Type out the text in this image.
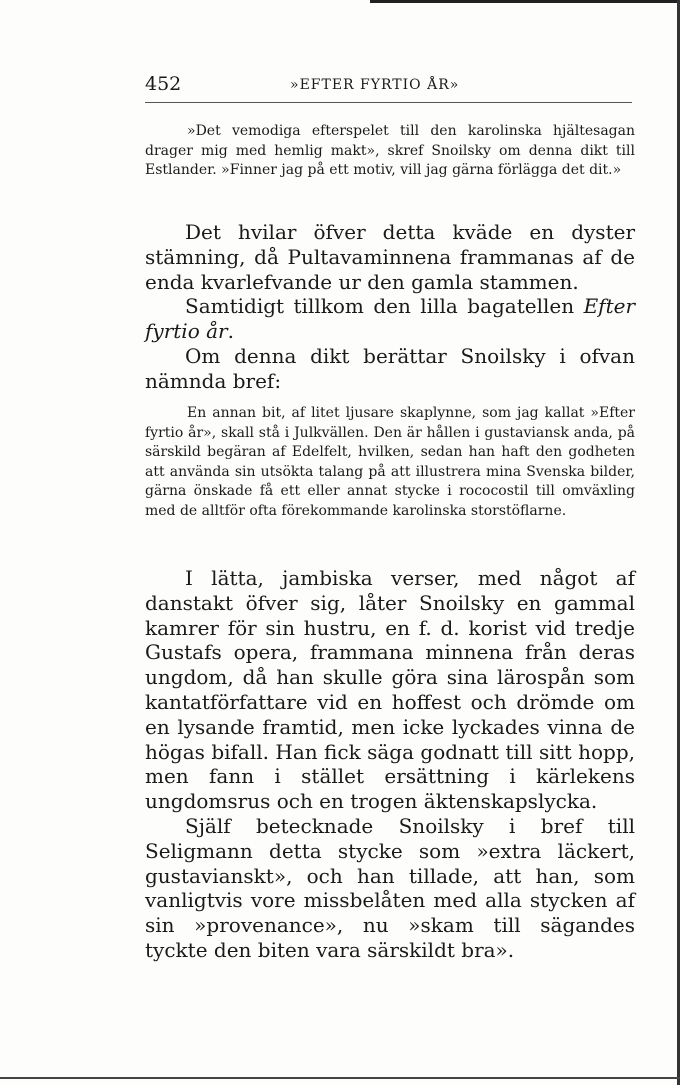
452	»EFTER FYRTIO ÅR»
»Det vemodiga efterspelet till den karolinska hjältesagan drager mig med hemlig makt», skref Snoilsky om denna dikt till Estlander. »Finner jag på ett motiv, vill jag gärna förlägga det dit.»

Det hvilar öfver detta kväde en dyster stämning, då Pultavaminnena frammanas af de enda kvarlefvande ur den gamla stammen.

Samtidigt tillkom den lilla bagatellen Efter fyrtio år.

Om denna dikt berättar Snoilsky i ofvan nämnda bref:

En annan bit, af litet ljusare skaplynne, som jag kallat »Efter fyrtio år», skall stå i Julkvällen. Den är hållen i gustaviansk anda, på särskild begäran af Edelfelt, hvilken, sedan han haft den godheten att använda sin utsökta talang på att illustrera mina Svenska bilder, gärna önskade få ett eller annat stycke i rococostil till omväxling med de alltför ofta förekommande karolinska storstöflarne.

I lätta, jambiska verser, med något af danstakt öfver sig, låter Snoilsky en gammal kamrer för sin hustru, en f. d. korist vid tredje Gustafs opera, frammana minnena från deras ungdom, då han skulle göra sina lärospån som kantatförfattare vid en hoffest och drömde om en lysande framtid, men icke lyckades vinna de högas bifall. Han fick säga godnatt till sitt hopp, men fann i stället ersättning i kärlekens ungdomsrus och en trogen äktenskapslycka.

Själf betecknade Snoilsky i bref till Seligmann detta stycke som »extra läckert, gustavianskt», och han tillade, att han, som vanligtvis vore missbelåten med alla stycken af sin »provenance», nu »skam till sägandes tyckte den biten vara särskildt bra».
